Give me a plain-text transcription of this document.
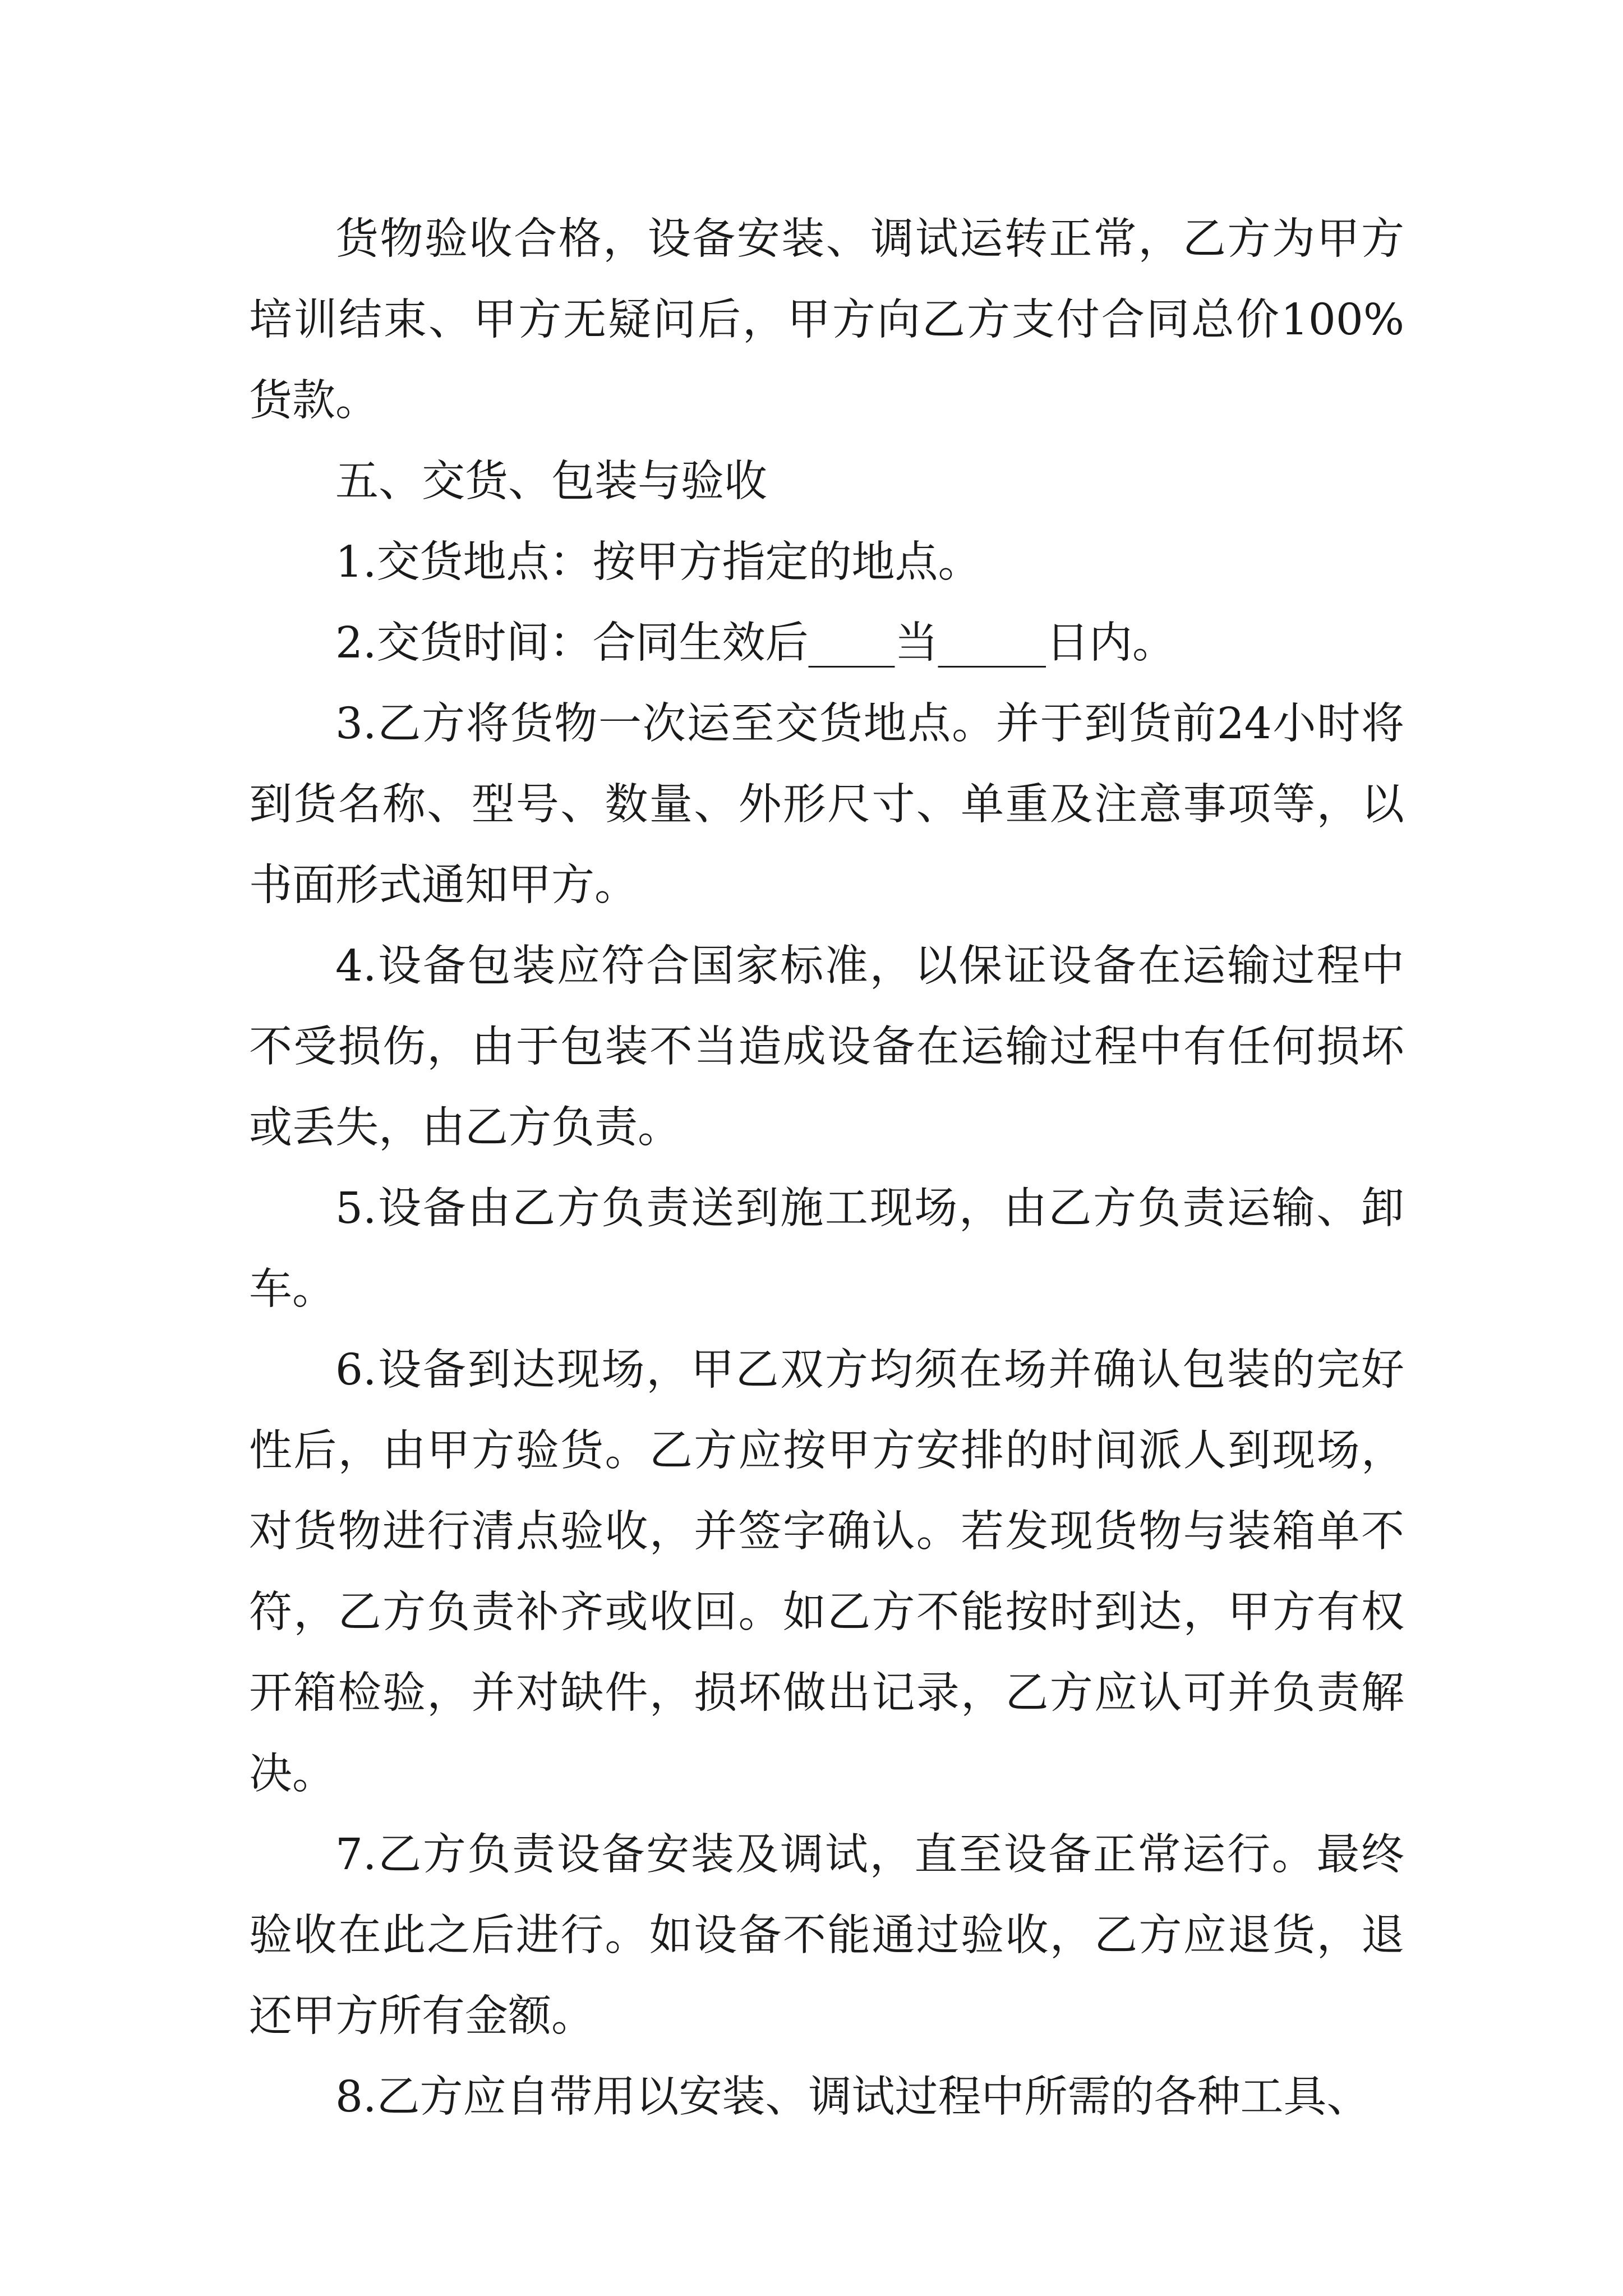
货物验收合格，设备安装、调试运转正常，乙方为甲方培训结束、甲方无疑问后，甲方向乙方支付合同总价100%货款。

五、交货、包装与验收

1.交货地点：按甲方指定的地点。

2.交货时间：合同生效后____当_____日内。

3.乙方将货物一次运至交货地点。并于到货前24小时将到货名称、型号、数量、外形尺寸、单重及注意事项等，以书面形式通知甲方。

4.设备包装应符合国家标准，以保证设备在运输过程中不受损伤，由于包装不当造成设备在运输过程中有任何损坏或丢失，由乙方负责。

5.设备由乙方负责送到施工现场，由乙方负责运输、卸车。

6.设备到达现场，甲乙双方均须在场并确认包装的完好性后，由甲方验货。乙方应按甲方安排的时间派人到现场，对货物进行清点验收，并签字确认。若发现货物与装箱单不符，乙方负责补齐或收回。如乙方不能按时到达，甲方有权开箱检验，并对缺件，损坏做出记录，乙方应认可并负责解决。

7.乙方负责设备安装及调试，直至设备正常运行。最终验收在此之后进行。如设备不能通过验收，乙方应退货，退还甲方所有金额。

8.乙方应自带用以安装、调试过程中所需的各种工具、
